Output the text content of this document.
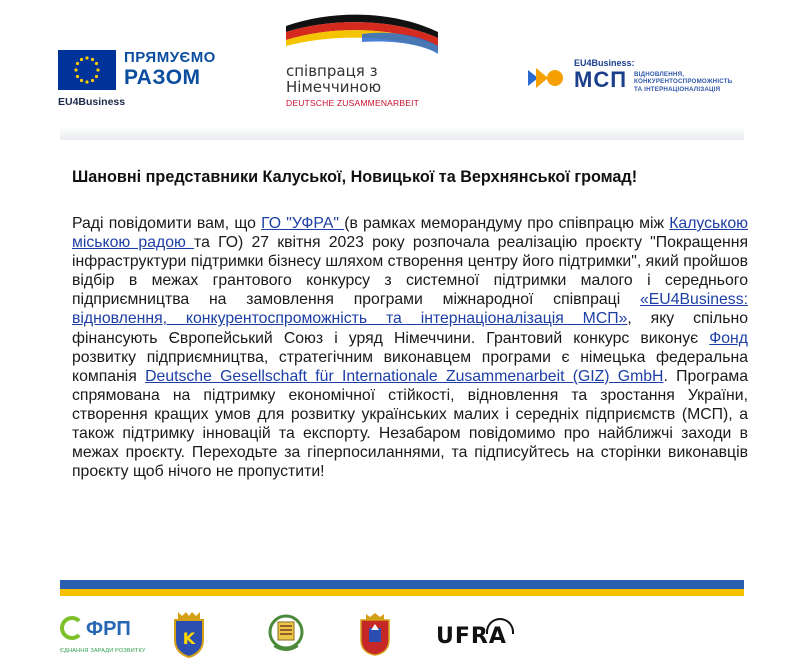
ПРЯМУЄМО
РАЗОМ
EU4Business
співпраця з
Німеччиною
DEUTSCHE ZUSAMMENARBEIT
EU4Business:
МСП ВІДНОВЛЕННЯ,
КОНКУРЕНТОСПРОМОЖНІСТЬ
ТА ІНТЕРНАЦІОНАЛІЗАЦІЯ
Шановні представники Калуської, Новицької та Верхнянської громад!
Раді повідомити вам, що ГО "УФРА" (в рамках меморандуму про співпрацю між Калуською міською радою та ГО) 27 квітня 2023 року розпочала реалізацію проєкту "Покращення інфраструктури підтримки бізнесу шляхом створення центру його підтримки", який пройшов відбір в межах грантового конкурсу з системної підтримки малого і середнього підприємництва на замовлення програми міжнародної співпраці «EU4Business: відновлення, конкурентоспроможність та інтернаціоналізація МСП», яку спільно фінансують Європейський Союз і уряд Німеччини. Грантовий конкурс виконує Фонд розвитку підприємництва, стратегічним виконавцем програми є німецька федеральна компанія Deutsche Gesellschaft für Internationale Zusammenarbeit (GIZ) GmbH. Програма спрямована на підтримку економічної стійкості, відновлення та зростання України, створення кращих умов для розвитку українських малих і середніх підприємств (МСП), а також підтримку інновацій та експорту. Незабаром повідомимо про найближчі заходи в межах проєкту. Переходьте за гіперпосиланнями, та підписуйтесь на сторінки виконавців проєкту щоб нічого не пропустити!
ФРП
ЄДНАННЯ ЗАРАДИ РОЗВИТКУ
K	UFRA
